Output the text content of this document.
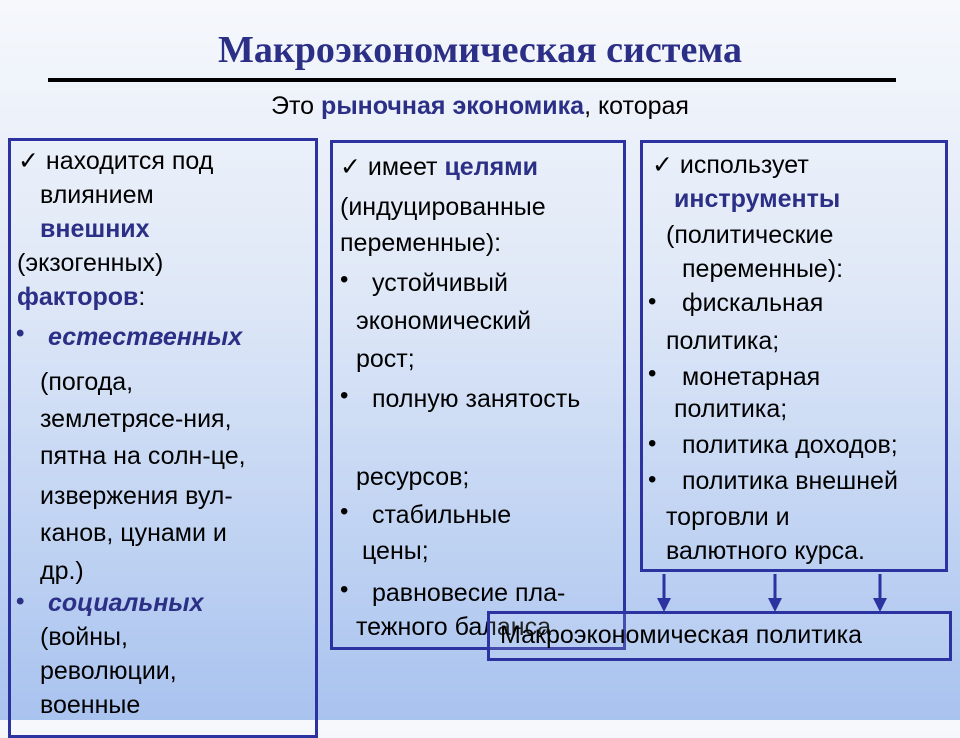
Макроэкономическая система
Это рыночная экономика, которая
✓ находится под
влиянием
внешних
(экзогенных)
факторов:
• естественных
(погода,
землетрясе-ния,
пятна на солн-це,
извержения вул-
канов, цунами и
др.)
• социальных
(войны,
революции,
военные
✓ имеет целями
(индуцированные
переменные):
• устойчивый
экономический
рост;
• полную занятость
ресурсов;
• стабильные
цены;
• равновесие пла-
тежного баланса
✓ использует
инструменты
(политические
переменные):
• фискальная
политика;
• монетарная
политика;
• политика доходов;
• политика внешней
торговли и
валютного курса.
Макроэкономическая политика
